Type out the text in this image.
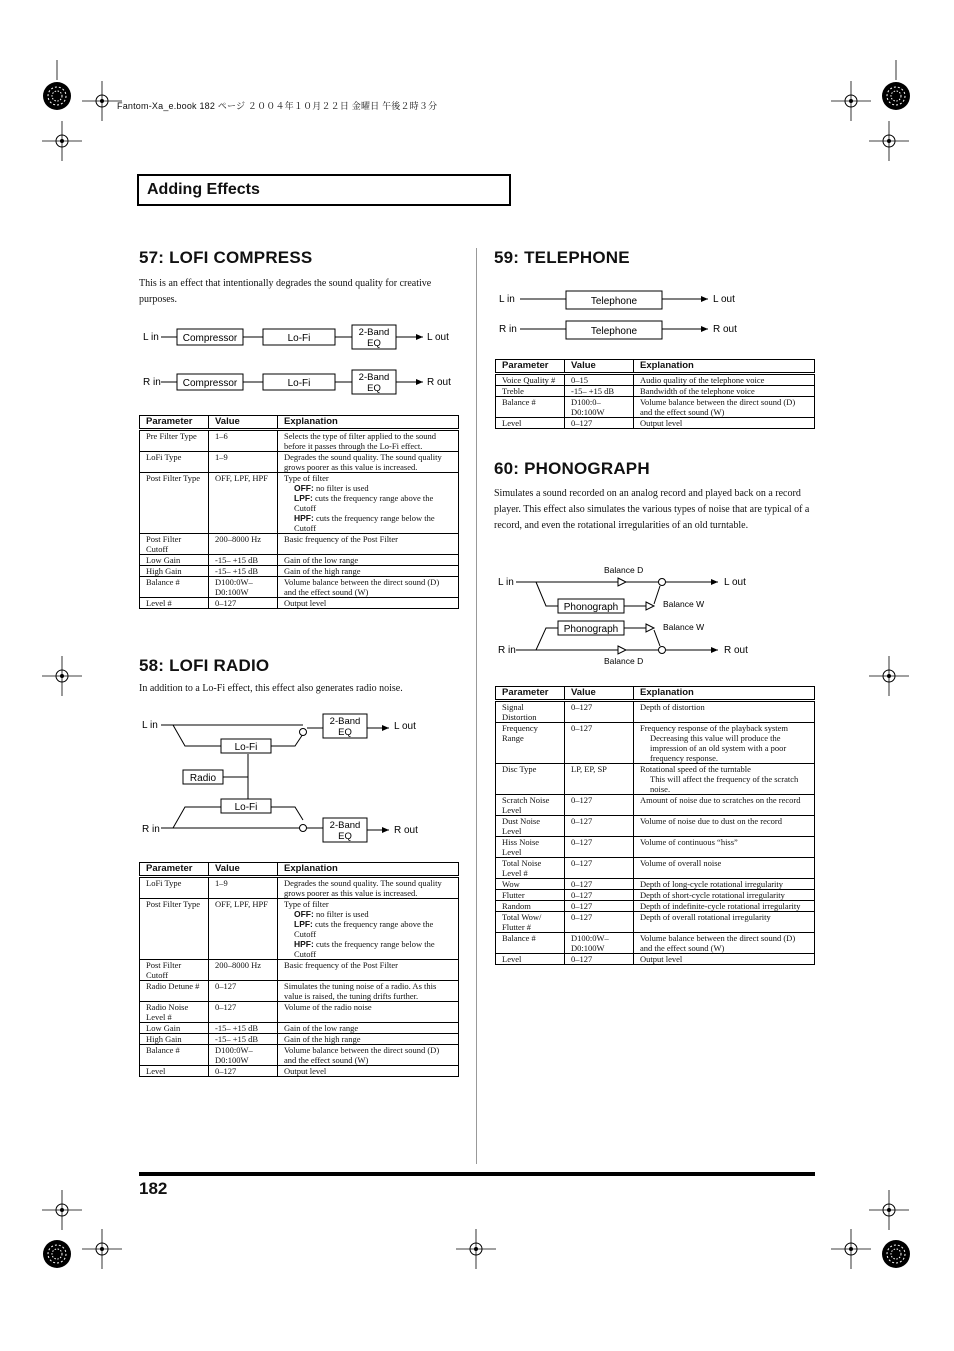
Fantom-Xa_e.book 182 ページ ２００４年１０月２２日 金曜日 午後２時３分
Adding Effects
57: LOFI COMPRESS
This is an effect that intentionally degrades the sound quality for creative purposes.
L in Compressor	Lo-Fi
2-Band
EQ
L out
R in Compressor	Lo-Fi
2-Band
EQ
R out
Parameter	Value	Explanation
Pre Filter Type	1–6	Selects the type of filter applied to the sound before it passes through the Lo-Fi effect.
LoFi Type	1–9	Degrades the sound quality. The sound quality grows poorer as this value is increased.
Post Filter Type	OFF, LPF, HPF	Type of filter
OFF: no filter is used
LPF: cuts the frequency range above the Cutoff
HPF: cuts the frequency range below the Cutoff

Post Filter Cutoff	200–8000 Hz	Basic frequency of the Post Filter
Low Gain	-15– +15 dB	Gain of the low range
High Gain	-15– +15 dB	Gain of the high range
Balance #	D100:0W– D0:100W	Volume balance between the direct sound (D) and the effect sound (W)
Level #	0–127	Output level
58: LOFI RADIO
In addition to a Lo-Fi effect, this effect also generates radio noise.
L in
Lo-Fi
2-Band
EQ
L out
Radio
R in
Lo-Fi
2-Band
EQ
R out
Parameter	Value	Explanation
LoFi Type	1–9	Degrades the sound quality. The sound quality grows poorer as this value is increased.
Post Filter Type	OFF, LPF, HPF	Type of filter
OFF: no filter is used
LPF: cuts the frequency range above the Cutoff
HPF: cuts the frequency range below the Cutoff

Post Filter Cutoff	200–8000 Hz	Basic frequency of the Post Filter
Radio Detune #	0–127	Simulates the tuning noise of a radio. As this value is raised, the tuning drifts further.
Radio Noise Level #	0–127	Volume of the radio noise
Low Gain	-15– +15 dB	Gain of the low range
High Gain	-15– +15 dB	Gain of the high range
Balance #	D100:0W– D0:100W	Volume balance between the direct sound (D) and the effect sound (W)
Level	0–127	Output level
59: TELEPHONE
L in	Telephone	L out
R in	Telephone	R out
Parameter	Value	Explanation
Voice Quality #	0–15	Audio quality of the telephone voice
Treble	-15– +15 dB	Bandwidth of the telephone voice
Balance #	D100:0– D0:100W	Volume balance between the direct sound (D) and the effect sound (W)
Level	0–127	Output level
60: PHONOGRAPH
Simulates a sound recorded on an analog record and played back on a record player. This effect also simulates the various types of noise that are typical of a record, and even the rotational irregularities of an old turntable.
Balance D
L in	L out
Phonograph	Balance W
Balance W
Phonograph
R in	R out
Balance D
Parameter	Value	Explanation
Signal Distortion	0–127	Depth of distortion
Frequency Range	0–127	Frequency response of the playback system
Decreasing this value will produce the impression of an old system with a poor frequency response.

Disc Type	LP, EP, SP	Rotational speed of the turntable
This will affect the frequency of the scratch noise.

Scratch Noise Level	0–127	Amount of noise due to scratches on the record
Dust Noise Level	0–127	Volume of noise due to dust on the record
Hiss Noise Level	0–127	Volume of continuous “hiss”
Total Noise Level #	0–127	Volume of overall noise
Wow	0–127	Depth of long-cycle rotational irregularity
Flutter	0–127	Depth of short-cycle rotational irregularity
Random	0–127	Depth of indefinite-cycle rotational irregularity
Total Wow/ Flutter #	0–127	Depth of overall rotational irregularity
Balance #	D100:0W– D0:100W	Volume balance between the direct sound (D) and the effect sound (W)
Level	0–127	Output level
182
